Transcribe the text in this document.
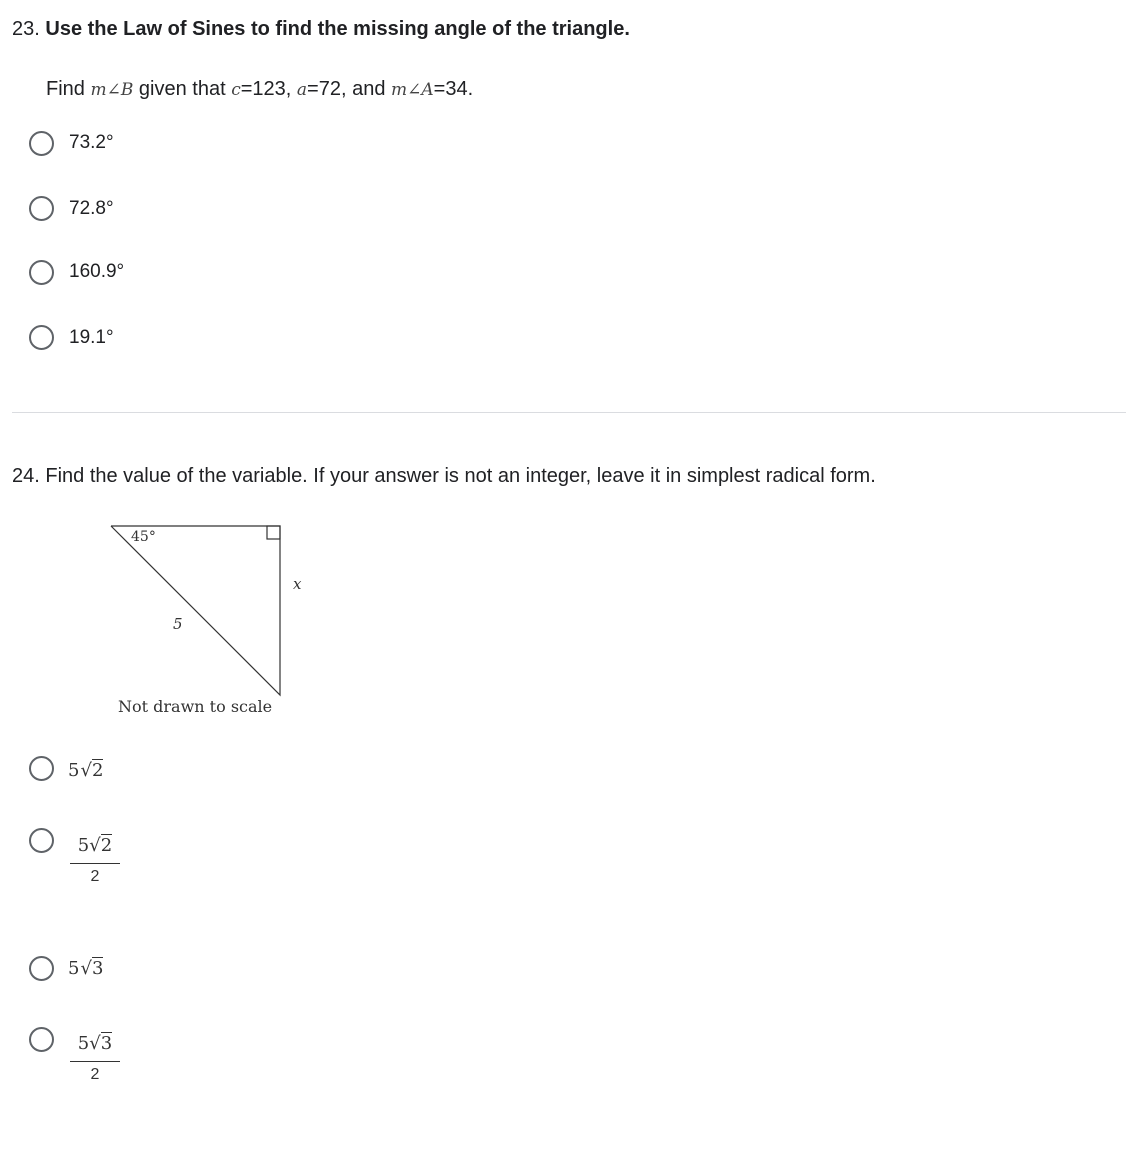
23. Use the Law of Sines to find the missing angle of the triangle.
Find m∠B given that c=123, a=72, and m∠A=34.
73.2°
72.8°
160.9°
19.1°
24. Find the value of the variable. If your answer is not an integer, leave it in simplest radical form.
45°
5
x
Not drawn to scale
5√2
5√2
2
5√3
5√3
2
